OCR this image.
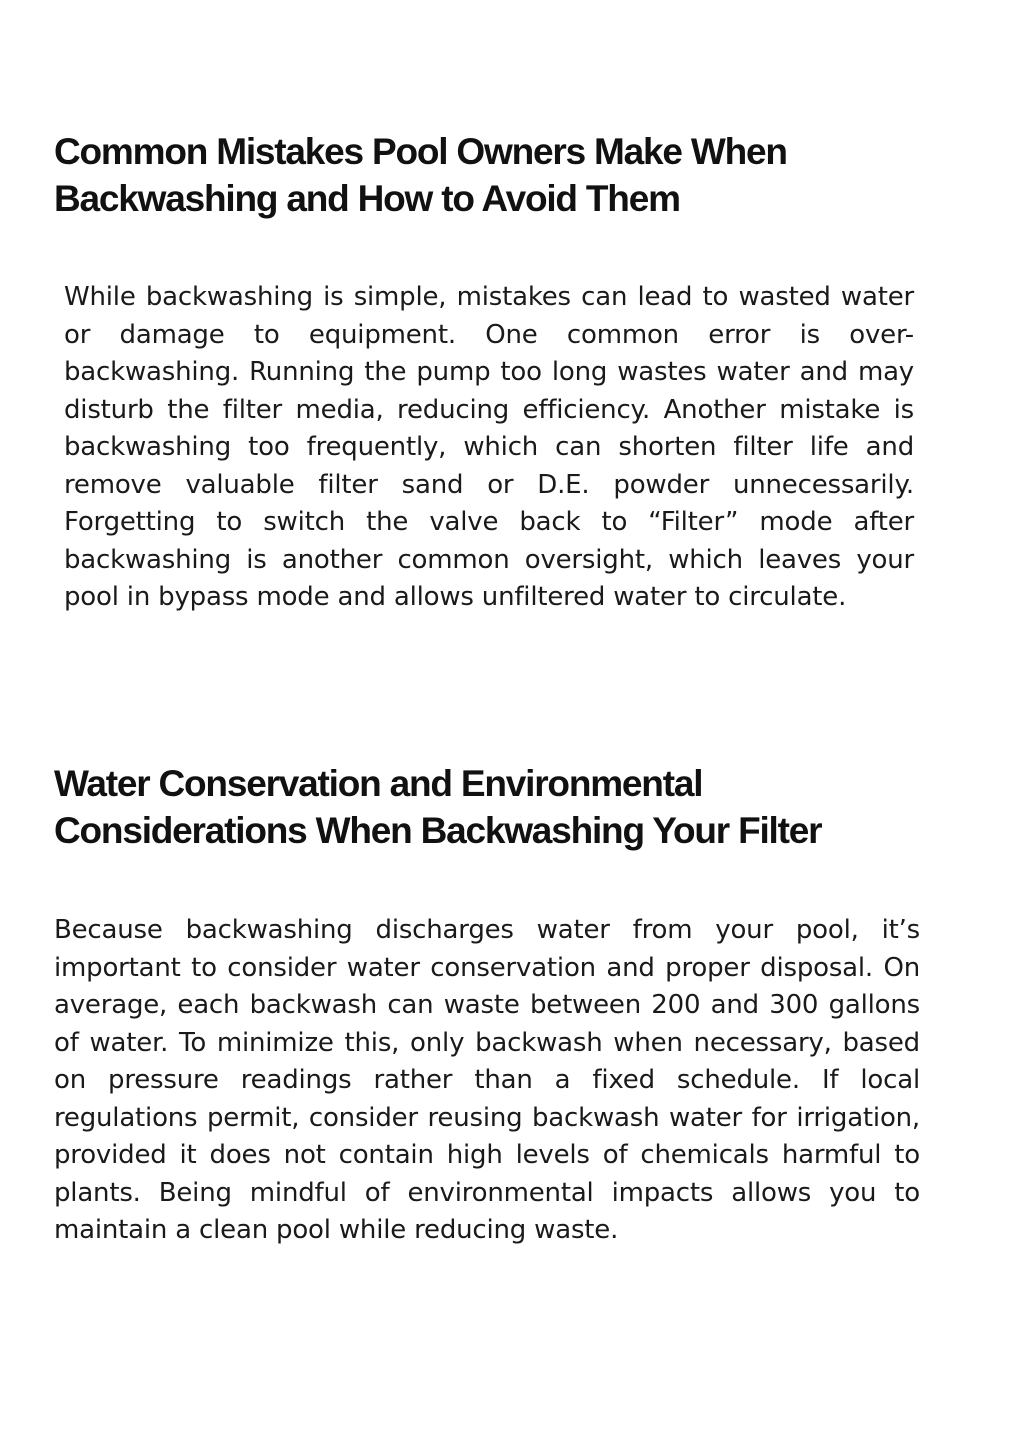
Common Mistakes Pool Owners Make When Backwashing and How to Avoid Them

While backwashing is simple, mistakes can lead to wasted water or damage to equipment. One common error is over-backwashing. Running the pump too long wastes water and may disturb the filter media, reducing efficiency. Another mistake is backwashing too frequently, which can shorten filter life and remove valuable filter sand or D.E. powder unnecessarily. Forgetting to switch the valve back to “Filter” mode after backwashing is another common oversight, which leaves your pool in bypass mode and allows unfiltered water to circulate.

Water Conservation and Environmental Considerations When Backwashing Your Filter

Because backwashing discharges water from your pool, it’s important to consider water conservation and proper disposal. On average, each backwash can waste between 200 and 300 gallons of water. To minimize this, only backwash when necessary, based on pressure readings rather than a fixed schedule. If local regulations permit, consider reusing backwash water for irrigation, provided it does not contain high levels of chemicals harmful to plants. Being mindful of environmental impacts allows you to maintain a clean pool while reducing waste.
